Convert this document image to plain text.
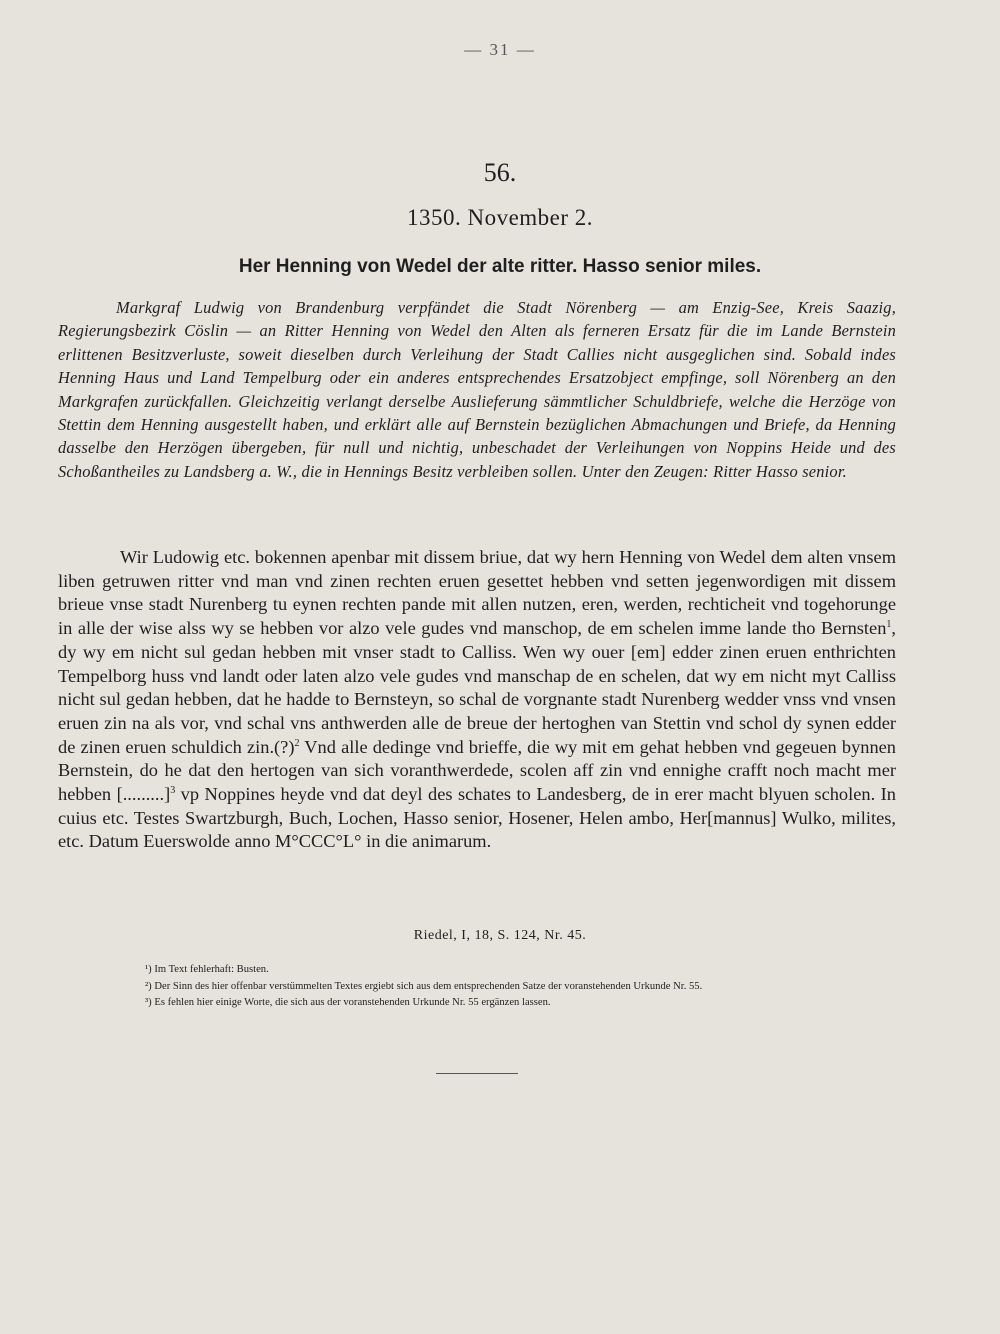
— 31 —
56.
1350. November 2.
Her Henning von Wedel der alte ritter. Hasso senior miles.

Markgraf Ludwig von Brandenburg verpfändet die Stadt Nörenberg — am Enzig-See, Kreis Saazig, Regierungsbezirk Cöslin — an Ritter Henning von Wedel den Alten als ferneren Ersatz für die im Lande Bernstein erlittenen Besitzverluste, soweit dieselben durch Verleihung der Stadt Callies nicht ausgeglichen sind. Sobald indes Henning Haus und Land Tempelburg oder ein anderes entsprechendes Ersatzobject empfinge, soll Nörenberg an den Markgrafen zurückfallen. Gleichzeitig verlangt derselbe Auslieferung sämmtlicher Schuldbriefe, welche die Herzöge von Stettin dem Henning ausgestellt haben, und erklärt alle auf Bernstein bezüglichen Abmachungen und Briefe, da Henning dasselbe den Herzögen übergeben, für null und nichtig, unbeschadet der Verleihungen von Noppins Heide und des Schoßantheiles zu Landsberg a. W., die in Hennings Besitz verbleiben sollen. Unter den Zeugen: Ritter Hasso senior.

Wir Ludowig etc. bokennen apenbar mit dissem briue, dat wy hern Henning von Wedel dem alten vnsem liben getruwen ritter vnd man vnd zinen rechten eruen gesettet hebben vnd setten jegenwordigen mit dissem brieue vnse stadt Nurenberg tu eynen rechten pande mit allen nutzen, eren, werden, rechticheit vnd togehorunge in alle der wise alss wy se hebben vor alzo vele gudes vnd manschop, de em schelen imme lande tho Bernsten$^1$, dy wy em nicht sul gedan hebben mit vnser stadt to Calliss. Wen wy ouer [em] edder zinen eruen enthrichten Tempelborg huss vnd landt oder laten alzo vele gudes vnd manschap de en schelen, dat wy em nicht myt Calliss nicht sul gedan hebben, dat he hadde to Bernsteyn, so schal de vorgnante stadt Nurenberg wedder vnss vnd vnsen eruen zin na als vor, vnd schal vns anthwerden alle de breue der hertoghen van Stettin vnd schol dy synen edder de zinen eruen schuldich zin.(?)$^2$ Vnd alle dedinge vnd brieffe, die wy mit em gehat hebben vnd gegeuen bynnen Bernstein, do he dat den hertogen van sich voranthwerdede, scolen aff zin vnd ennighe crafft noch macht mer hebben [.........]$^3$ vp Noppines heyde vnd dat deyl des schates to Landesberg, de in erer macht blyuen scholen. In cuius etc. Testes Swartzburgh, Buch, Lochen, Hasso senior, Hosener, Helen ambo, Her[mannus] Wulko, milites, etc. Datum Euerswolde anno M°CCC°L° in die animarum.

Riedel, I, 18, S. 124, Nr. 45.
¹) Im Text fehlerhaft: Busten.
²) Der Sinn des hier offenbar verstümmelten Textes ergiebt sich aus dem entsprechenden Satze der voranstehenden Urkunde Nr. 55.
³) Es fehlen hier einige Worte, die sich aus der voranstehenden Urkunde Nr. 55 ergänzen lassen.
